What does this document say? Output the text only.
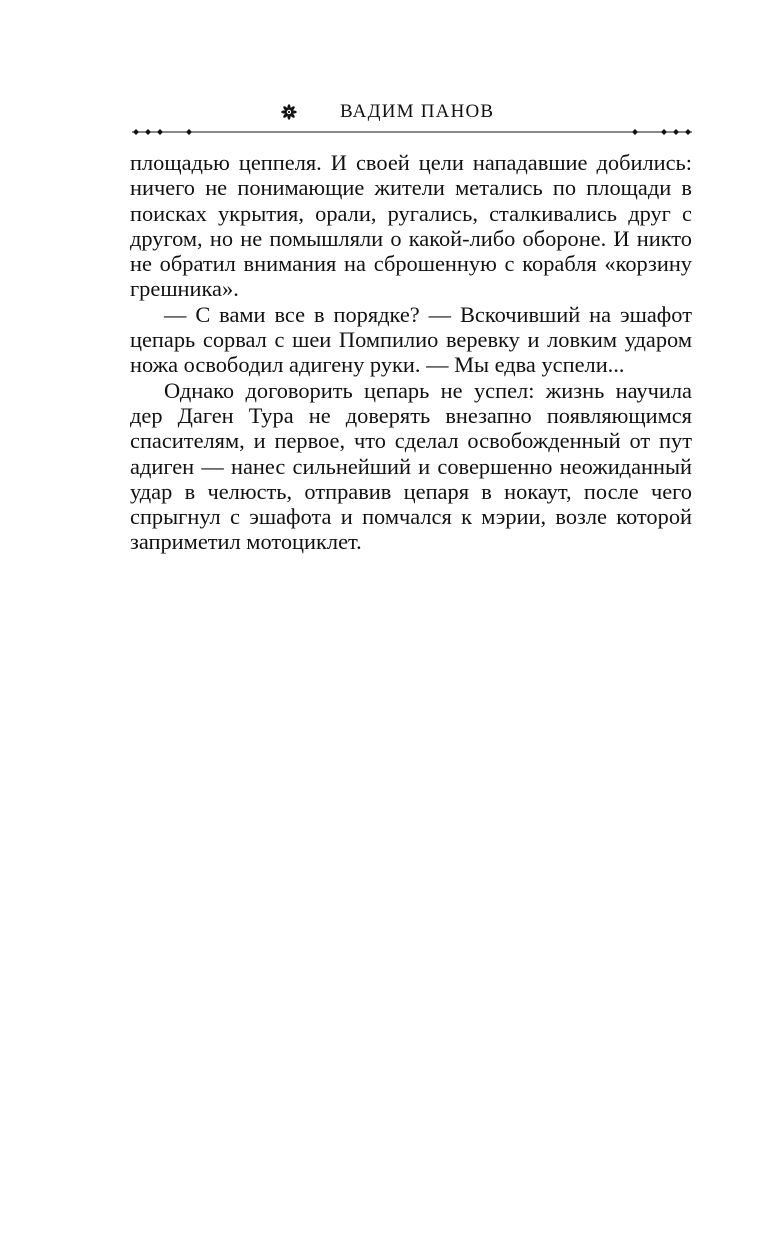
ВАДИМ ПАНОВ

площадью цеппеля. И своей цели нападавшие добились: ничего не понимающие жители метались по площади в поисках укрытия, орали, ругались, сталкивались друг с другом, но не помышляли о какой-либо обороне. И никто не обратил внимания на сброшенную с корабля «корзину грешника».

— С вами все в порядке? — Вскочивший на эшафот цепарь сорвал с шеи Помпилио веревку и ловким ударом ножа освободил адигену руки. — Мы едва успели...

Однако договорить цепарь не успел: жизнь научила дер Даген Тура не доверять внезапно появляющимся спасителям, и первое, что сделал освобожденный от пут адиген — нанес сильнейший и совершенно неожиданный удар в челюсть, отправив цепаря в нокаут, после чего спрыгнул с эшафота и помчался к мэрии, возле которой заприметил мотоциклет.
